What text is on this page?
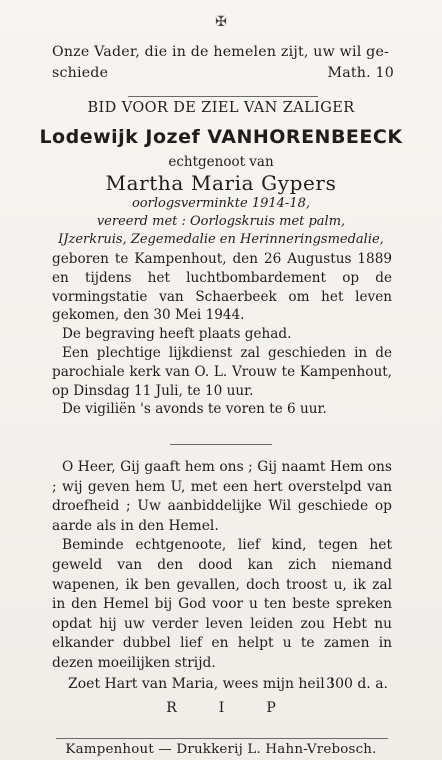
✠
Onze Vader, die in de hemelen zijt, uw wil ge-
schiede	Math. 10
BID VOOR DE ZIEL VAN ZALIGER
Lodewijk Jozef VANHORENBEECK
echtgenoot van
Martha Maria Gypers
oorlogsverminkte 1914-18,
vereerd met : Oorlogskruis met palm,
IJzerkruis, Zegemedalie en Herinneringsmedalie,

geboren te Kampenhout, den 26 Augustus 1889 en tijdens het luchtbombardement op de vormingstatie van Schaerbeek om het leven gekomen, den 30 Mei 1944.

De begraving heeft plaats gehad.

Een plechtige lijkdienst zal geschieden in de parochiale kerk van O. L. Vrouw te Kampenhout, op Dinsdag 11 Juli, te 10 uur.

De vigiliën 's avonds te voren te 6 uur.

O Heer, Gij gaaft hem ons ; Gij naamt Hem ons ; wij geven hem U, met een hert overstelpd van droefheid ; Uw aanbiddelijke Wil geschiede op aarde als in den Hemel.

Beminde echtgenoote, lief kind, tegen het geweld van den dood kan zich niemand wapenen, ik ben gevallen, doch troost u, ik zal in den Hemel bij God voor u ten beste spreken opdat hij uw verder leven leiden zou Hebt nu elkander dubbel lief en helpt u te zamen in dezen moeilijken strijd.

Zoet Hart van Maria, wees mijn heil !
300 d. a.
RIP
Kampenhout — Drukkerij L. Hahn-Vrebosch.
